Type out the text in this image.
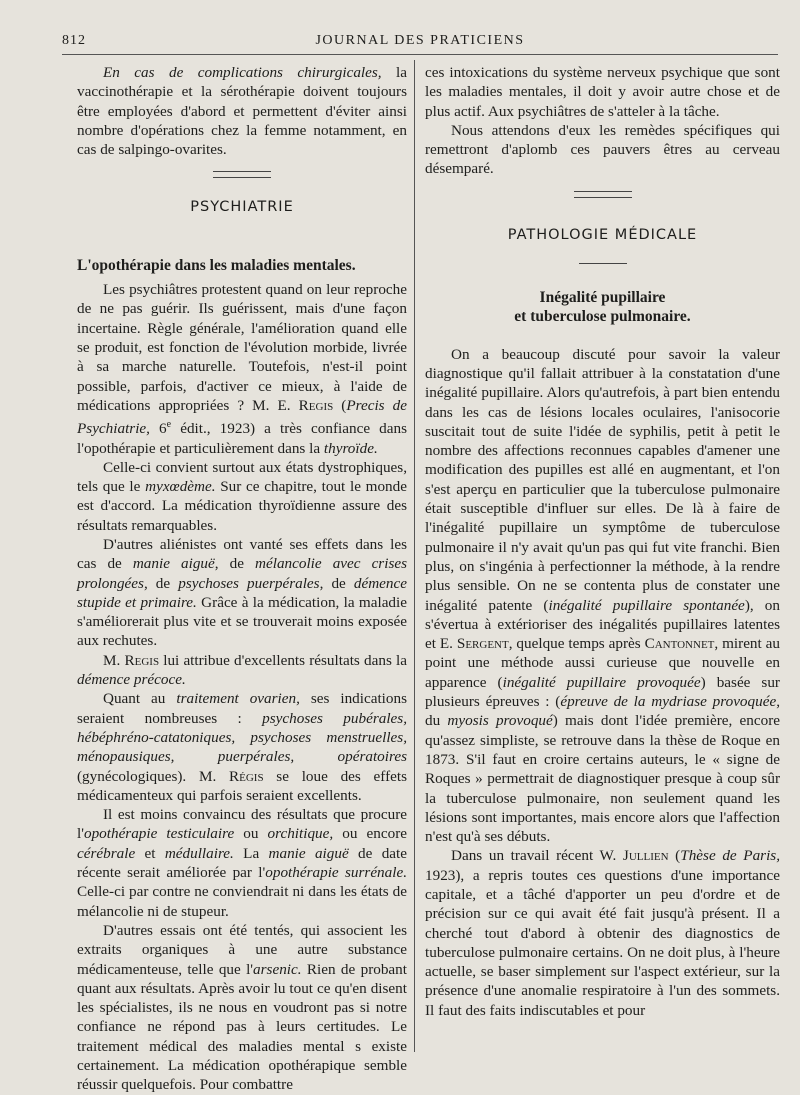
812	JOURNAL DES PRATICIENS

En cas de complications chirurgicales, la vaccinothérapie et la sérothérapie doivent toujours être employées d'abord et permettent d'éviter ainsi nombre d'opérations chez la femme notamment, en cas de salpingo-ovarites.

PSYCHIATRIE

L'opothérapie dans les maladies mentales.

Les psychiâtres protestent quand on leur reproche de ne pas guérir. Ils guérissent, mais d'une façon incertaine. Règle générale, l'amélioration quand elle se produit, est fonction de l'évolution morbide, livrée à sa marche naturelle. Toutefois, n'est-il point possible, parfois, d'activer ce mieux, à l'aide de médications appropriées ? M. E. Regis (Precis de Psychiatrie, 6e édit., 1923) a très confiance dans l'opothérapie et particulièrement dans la thyroïde.

Celle-ci convient surtout aux états dystrophiques, tels que le myxœdème. Sur ce chapitre, tout le monde est d'accord. La médication thyroïdienne assure des résultats remarquables.

D'autres aliénistes ont vanté ses effets dans les cas de manie aiguë, de mélancolie avec crises prolongées, de psychoses puerpérales, de démence stupide et primaire. Grâce à la médication, la maladie s'améliorerait plus vite et se trouverait moins exposée aux rechutes.

M. Regis lui attribue d'excellents résultats dans la démence précoce.

Quant au traitement ovarien, ses indications seraient nombreuses : psychoses pubérales, hébéphréno-catatoniques, psychoses menstruelles, ménopausiques, puerpérales, opératoires (gynécologiques). M. Régis se loue des effets médicamenteux qui parfois seraient excellents.

Il est moins convaincu des résultats que procure l'opothérapie testiculaire ou orchitique, ou encore cérébrale et médullaire. La manie aiguë de date récente serait améliorée par l'opothérapie surrénale. Celle-ci par contre ne conviendrait ni dans les états de mélancolie ni de stupeur.

D'autres essais ont été tentés, qui associent les extraits organiques à une autre substance médicamenteuse, telle que l'arsenic. Rien de probant quant aux résultats. Après avoir lu tout ce qu'en disent les spécialistes, ils ne nous en voudront pas si notre confiance ne répond pas à leurs certitudes. Le traitement médical des maladies mental s existe certainement. La médication opothérapique semble réussir quelquefois. Pour combattre

ces intoxications du système nerveux psychique que sont les maladies mentales, il doit y avoir autre chose et de plus actif. Aux psychiâtres de s'atteler à la tâche.

Nous attendons d'eux les remèdes spécifiques qui remettront d'aplomb ces pauvers êtres au cerveau désemparé.

PATHOLOGIE MÉDICALE

Inégalité pupillaire

et tuberculose pulmonaire.

On a beaucoup discuté pour savoir la valeur diagnostique qu'il fallait attribuer à la constatation d'une inégalité pupillaire. Alors qu'autrefois, à part bien entendu dans les cas de lésions locales oculaires, l'anisocorie suscitait tout de suite l'idée de syphilis, petit à petit le nombre des affections reconnues capables d'amener une modification des pupilles est allé en augmentant, et l'on s'est aperçu en particulier que la tuberculose pulmonaire était susceptible d'influer sur elles. De là à faire de l'inégalité pupillaire un symptôme de tuberculose pulmonaire il n'y avait qu'un pas qui fut vite franchi. Bien plus, on s'ingénia à perfectionner la méthode, à la rendre plus sensible. On ne se contenta plus de constater une inégalité patente (inégalité pupillaire spontanée), on s'évertua à extérioriser des inégalités pupillaires latentes et E. Sergent, quelque temps après Cantonnet, mirent au point une méthode aussi curieuse que nouvelle en apparence (inégalité pupillaire provoquée) basée sur plusieurs épreuves : (épreuve de la mydriase provoquée, du myosis provoqué) mais dont l'idée première, encore qu'assez simpliste, se retrouve dans la thèse de Roque en 1873. S'il faut en croire certains auteurs, le « signe de Roques » permettrait de diagnostiquer presque à coup sûr la tuberculose pulmonaire, non seulement quand les lésions sont importantes, mais encore alors que l'affection n'est qu'à ses débuts.

Dans un travail récent W. Jullien (Thèse de Paris, 1923), a repris toutes ces questions d'une importance capitale, et a tâché d'apporter un peu d'ordre et de précision sur ce qui avait été fait jusqu'à présent. Il a cherché tout d'abord à obtenir des diagnostics de tuberculose pulmonaire certains. On ne doit plus, à l'heure actuelle, se baser simplement sur l'aspect extérieur, sur la présence d'une anomalie respiratoire à l'un des sommets. Il faut des faits indiscutables et pour
